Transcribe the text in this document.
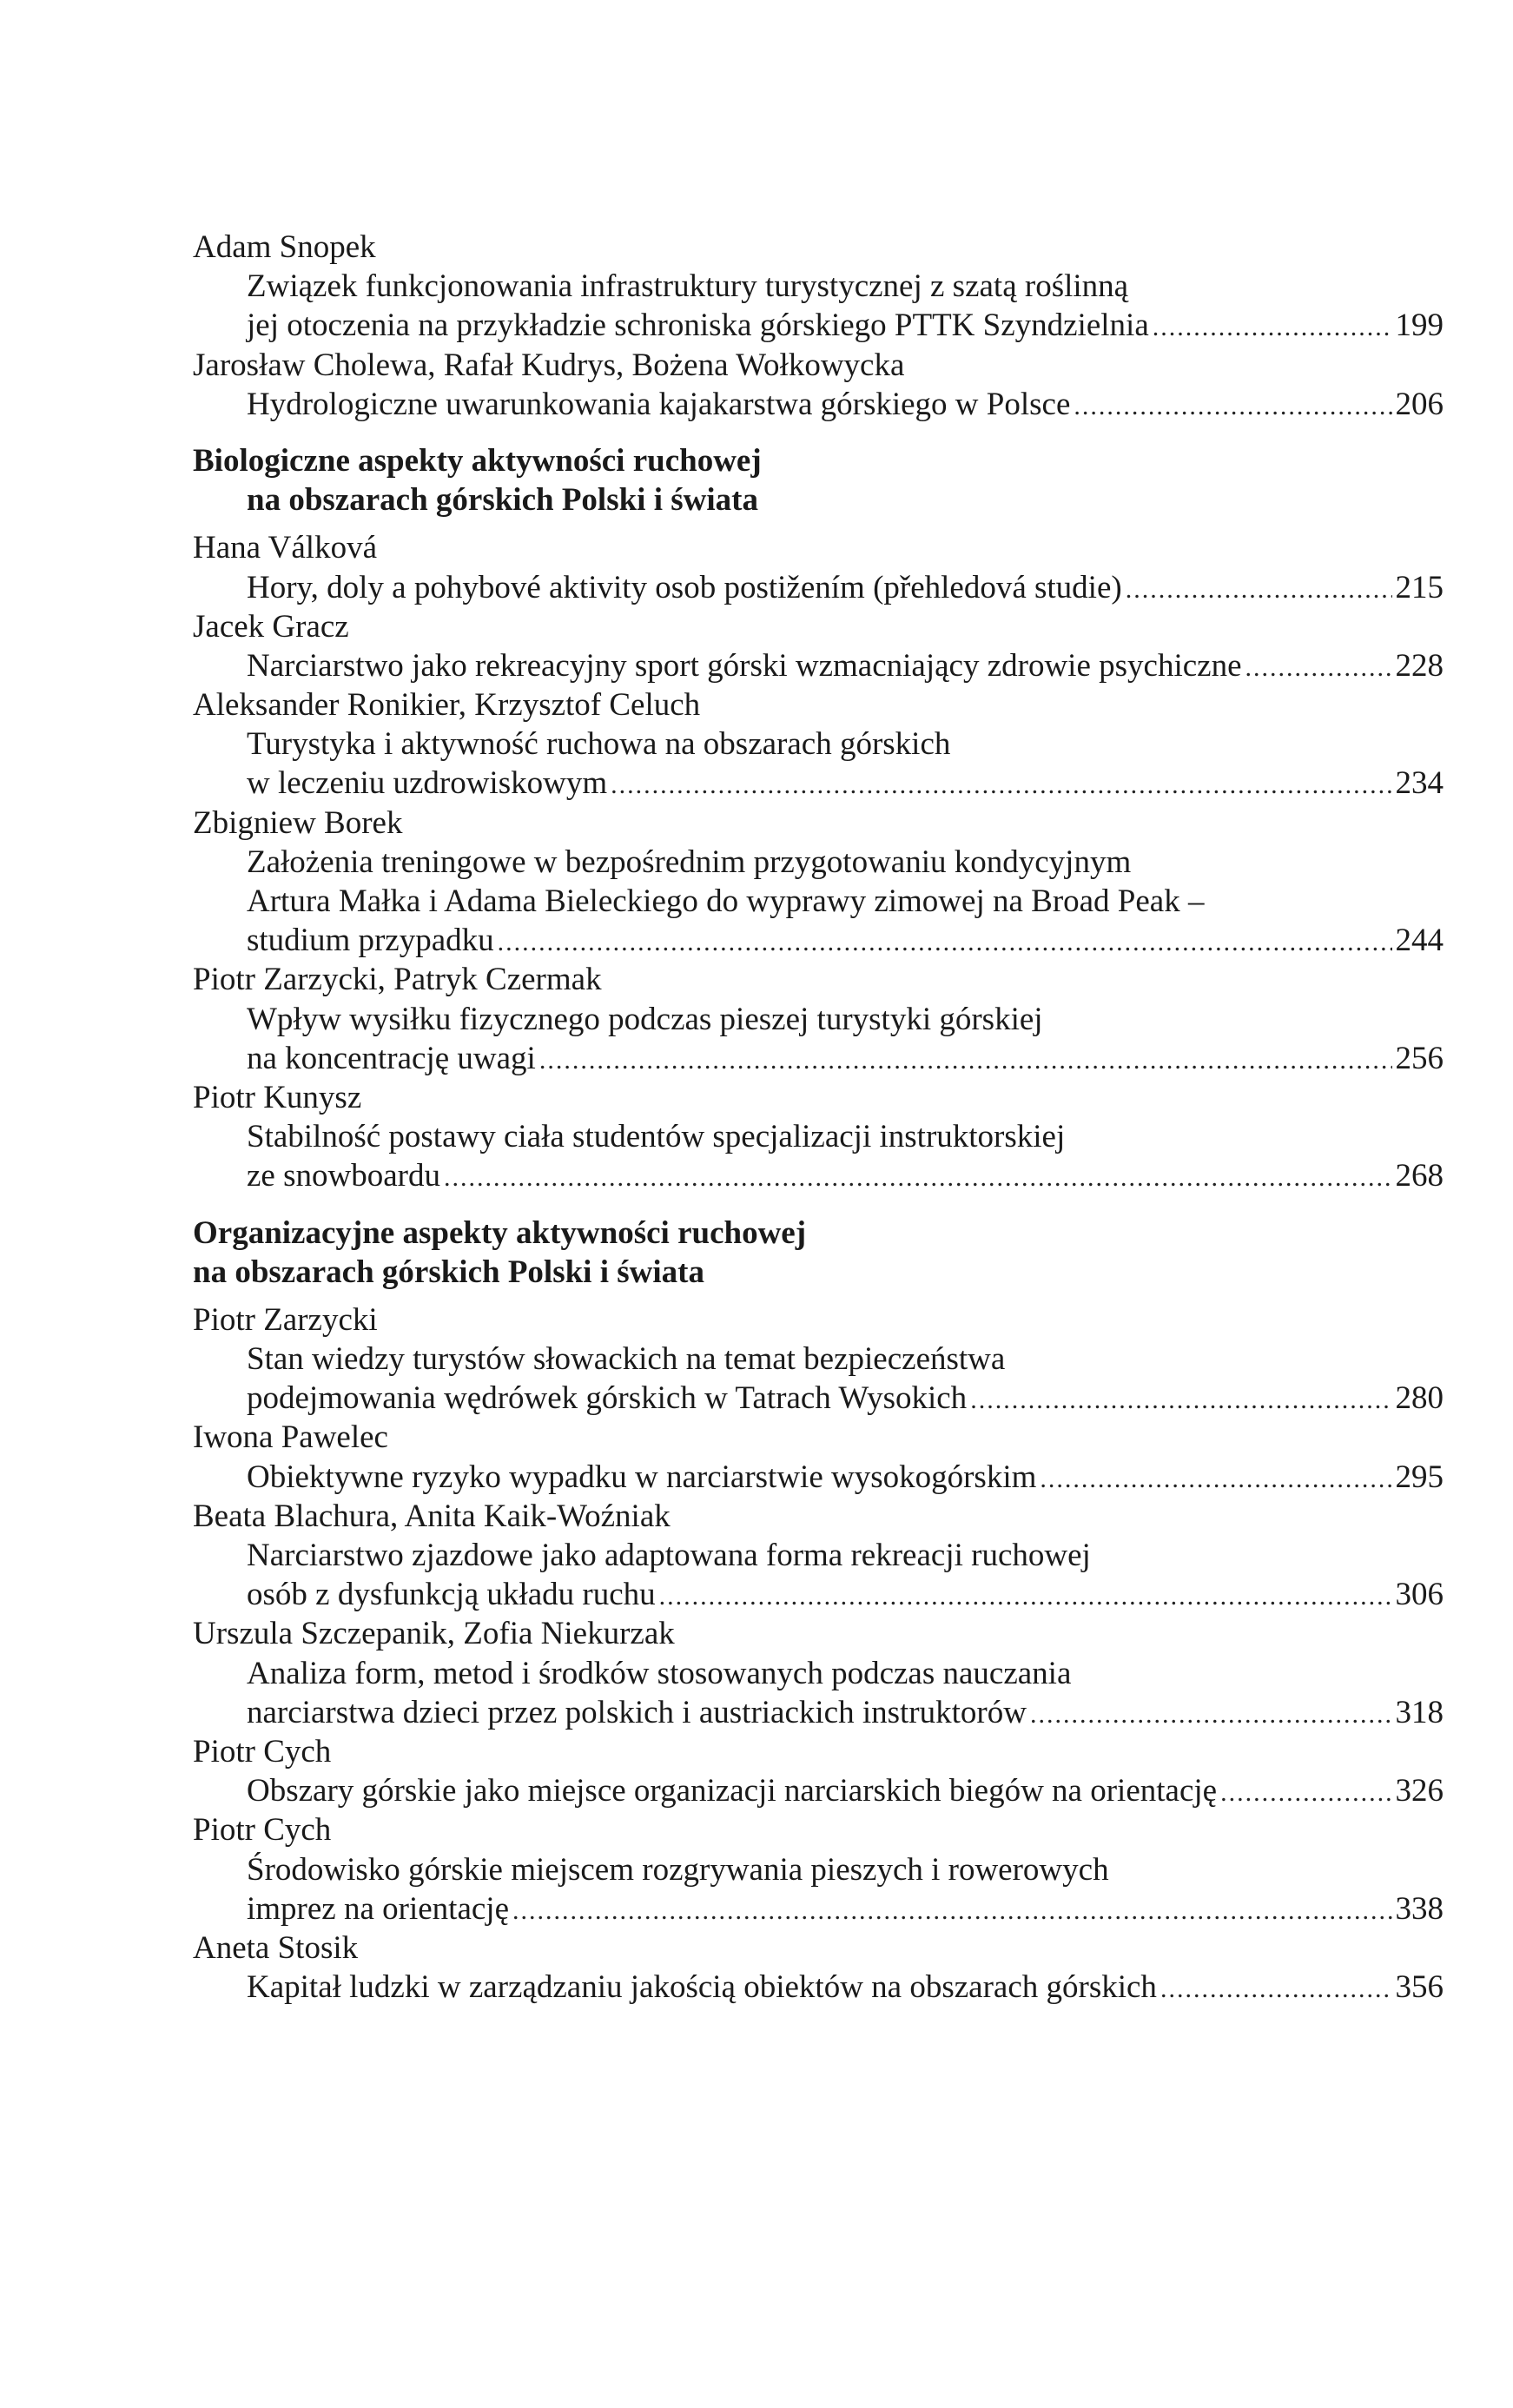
Adam Snopek
Związek funkcjonowania infrastruktury turystycznej z szatą roślinną
jej otoczenia na przykładzie schroniska górskiego PTTK Szyndzielnia .....	199
Jarosław Cholewa, Rafał Kudrys, Bożena Wołkowycka
Hydrologiczne uwarunkowania kajakarstwa górskiego w Polsce .....	206
Biologiczne aspekty aktywności ruchowej
na obszarach górskich Polski i świata
Hana Válková
Hory, doly a pohybové aktivity osob postižením (přehledová studie) .....	215
Jacek Gracz
Narciarstwo jako rekreacyjny sport górski wzmacniający zdrowie psychiczne .....	228
Aleksander Ronikier, Krzysztof Celuch
Turystyka i aktywność ruchowa na obszarach górskich
w leczeniu uzdrowiskowym .....	234
Zbigniew Borek
Założenia treningowe w bezpośrednim przygotowaniu kondycyjnym
Artura Małka i Adama Bieleckiego do wyprawy zimowej na Broad Peak –
studium przypadku .....	244
Piotr Zarzycki, Patryk Czermak
Wpływ wysiłku fizycznego podczas pieszej turystyki górskiej
na koncentrację uwagi .....	256
Piotr Kunysz
Stabilność postawy ciała studentów specjalizacji instruktorskiej
ze snowboardu .....	268
Organizacyjne aspekty aktywności ruchowej
na obszarach górskich Polski i świata
Piotr Zarzycki
Stan wiedzy turystów słowackich na temat bezpieczeństwa
podejmowania wędrówek górskich w Tatrach Wysokich .....	280
Iwona Pawelec
Obiektywne ryzyko wypadku w narciarstwie wysokogórskim .....	295
Beata Blachura, Anita Kaik-Woźniak
Narciarstwo zjazdowe jako adaptowana forma rekreacji ruchowej
osób z dysfunkcją układu ruchu .....	306
Urszula Szczepanik, Zofia Niekurzak
Analiza form, metod i środków stosowanych podczas nauczania
narciarstwa dzieci przez polskich i austriackich instruktorów .....	318
Piotr Cych
Obszary górskie jako miejsce organizacji narciarskich biegów na orientację .....	326
Piotr Cych
Środowisko górskie miejscem rozgrywania pieszych i rowerowych
imprez na orientację .....	338
Aneta Stosik
Kapitał ludzki w zarządzaniu jakością obiektów na obszarach górskich .....	356
